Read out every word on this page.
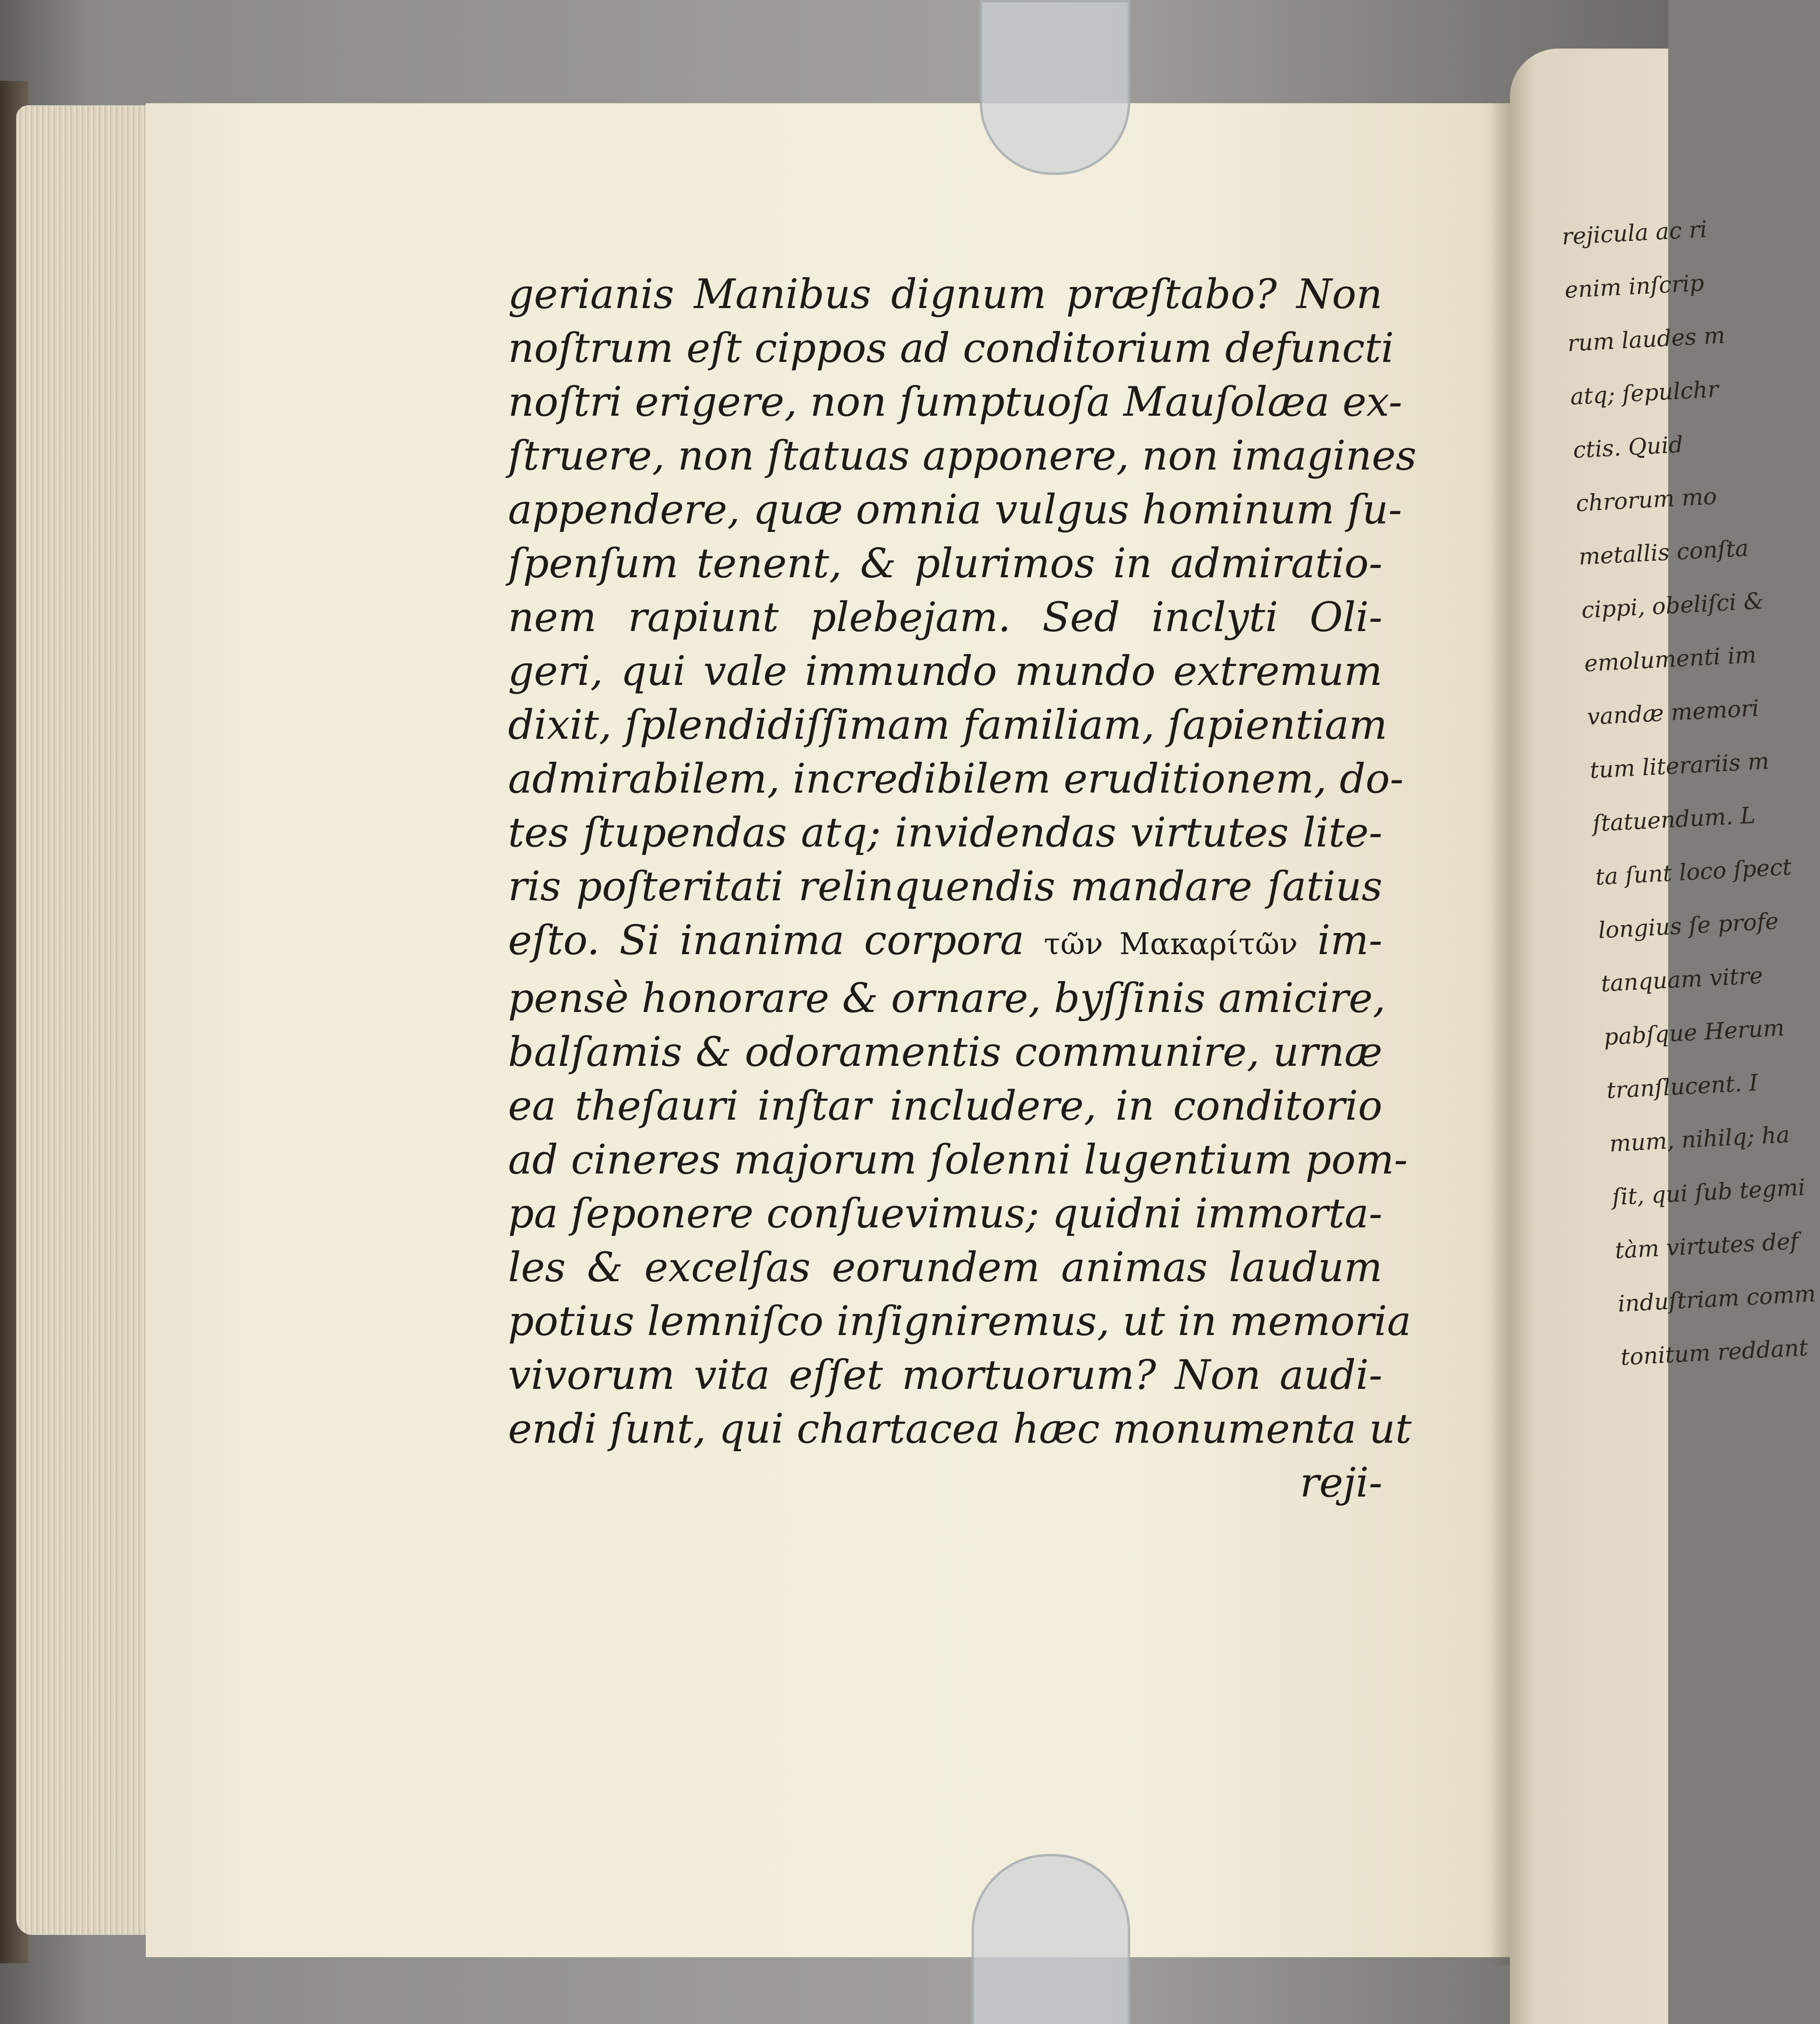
gerianis Manibus dignum præſtabo? Non
noſtrum eſt cippos ad conditorium defuncti
noſtri erigere, non ſumptuoſa Mauſolæa ex-
ſtruere, non ſtatuas apponere, non imagines
appendere, quæ omnia vulgus hominum ſu-
ſpenſum tenent, & plurimos in admiratio-
nem rapiunt plebejam. Sed inclyti Oli-
geri, qui vale immundo mundo extremum
dixit, ſplendidiſſimam familiam, ſapientiam
admirabilem, incredibilem eruditionem, do-
tes ſtupendas atq; invidendas virtutes lite-
ris poſteritati relinquendis mandare ſatius
eſto. Si inanima corpora τῶν Μακαρίτῶν im-
pensè honorare & ornare, byſſinis amicire,
balſamis & odoramentis communire, urnæ
ea theſauri inſtar includere, in conditorio
ad cineres majorum ſolenni lugentium pom-
pa ſeponere conſuevimus; quidni immorta-
les & excelſas eorundem animas laudum
potius lemniſco inſigniremus, ut in memoria
vivorum vita eſſet mortuorum? Non audi-
endi ſunt, qui chartacea hæc monumenta ut
reji-
rejicula ac ri
enim inſcrip
rum laudes m
atq; ſepulchr
ctis. Quid
chrorum mo
metallis conſta
cippi, obeliſci &
emolumenti im
vandæ memori
tum literariis m
ſtatuendum. L
ta ſunt loco ſpect
longius ſe profe
tanquam vitre
pabſque Herum
tranſlucent. I
mum, nihilq; ha
ſit, qui ſub tegmi
tàm virtutes def
induſtriam comm
tonitum reddant
